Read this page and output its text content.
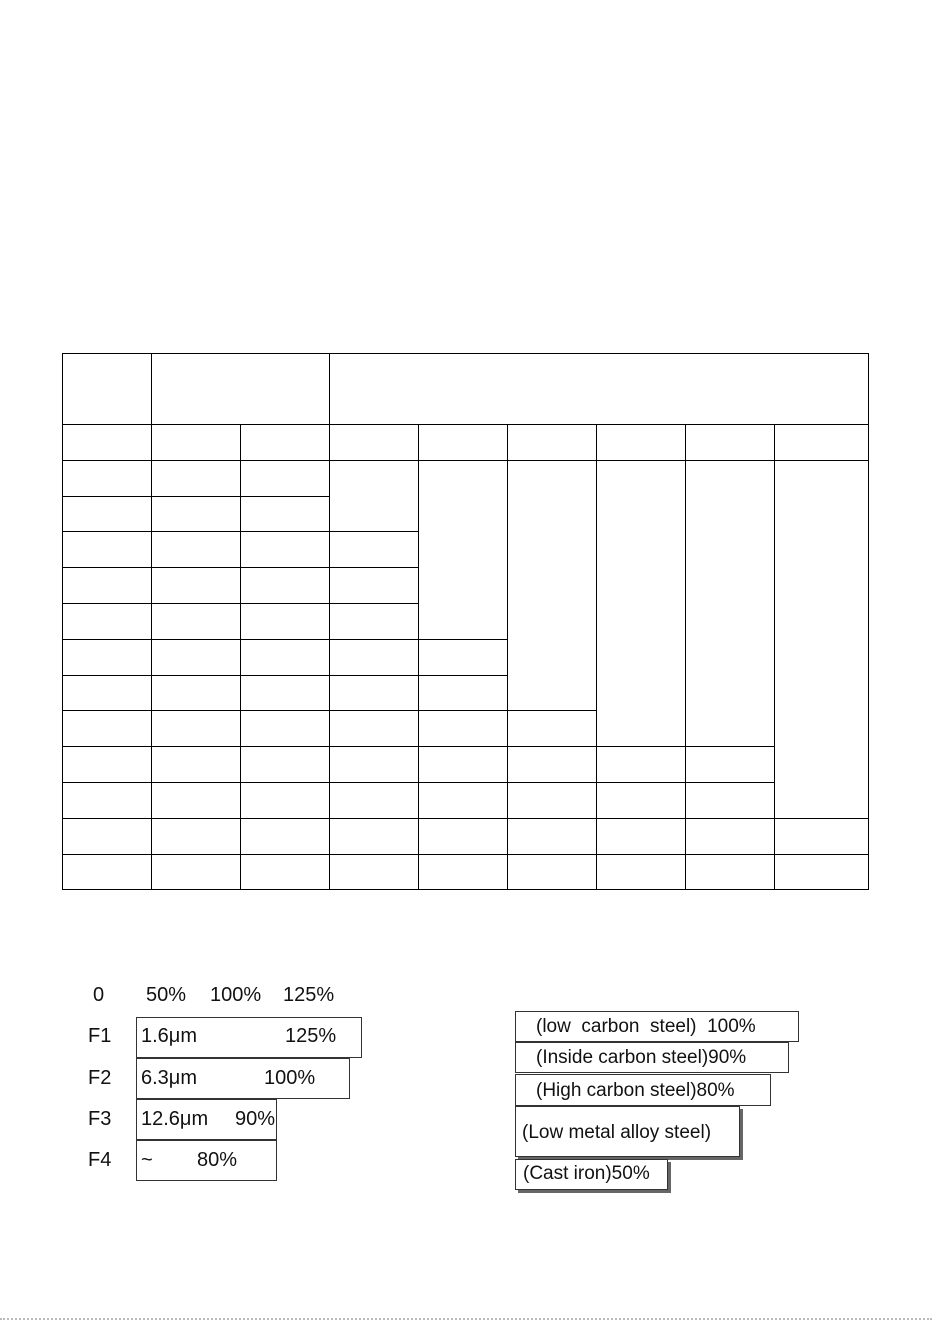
0 50% 100% 125%
F1 1.6μm	125%
F2 6.3μm	100%
F3 12.6μm 90%
F4 ~ 80%
(low  carbon  steel)  100%
(Inside carbon steel)90%
(High carbon steel)80%
(Low metal alloy steel)
(Cast iron)50%
